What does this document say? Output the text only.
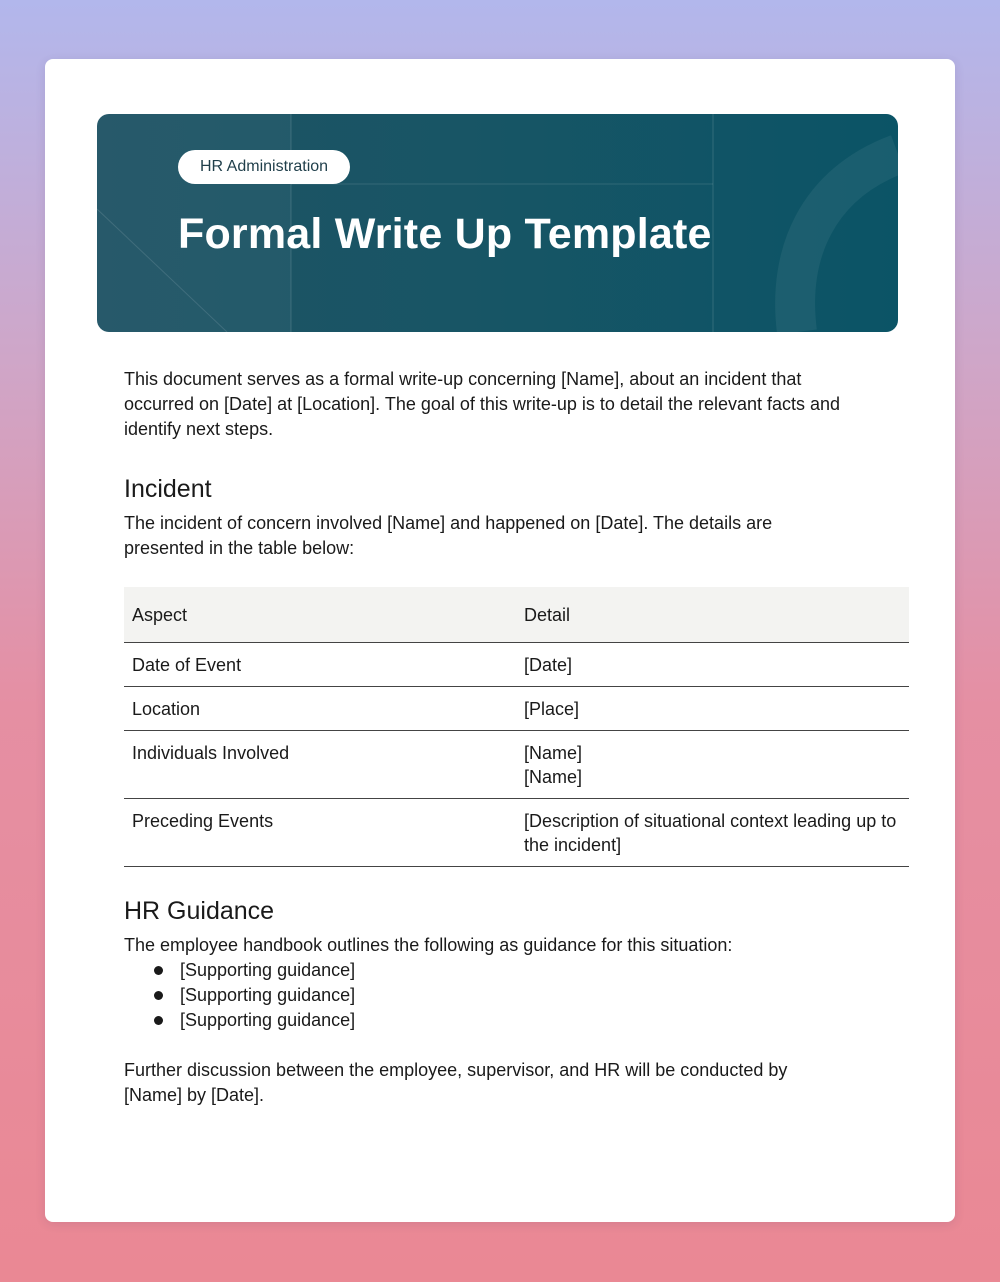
HR Administration
Formal Write Up Template

This document serves as a formal write-up concerning [Name], about an incident that occurred on [Date] at [Location]. The goal of this write-up is to detail the relevant facts and identify next steps.

Incident

The incident of concern involved [Name] and happened on [Date]. The details are presented in the table below:

Aspect	Detail
Date of Event	[Date]

Location	[Place]

Individuals Involved	[Name]
[Name]

Preceding Events	[Description of situational context leading up to the incident]
HR Guidance

The employee handbook outlines the following as guidance for this situation:

[Supporting guidance]
[Supporting guidance]
[Supporting guidance]

Further discussion between the employee, supervisor, and HR will be conducted by [Name] by [Date].
